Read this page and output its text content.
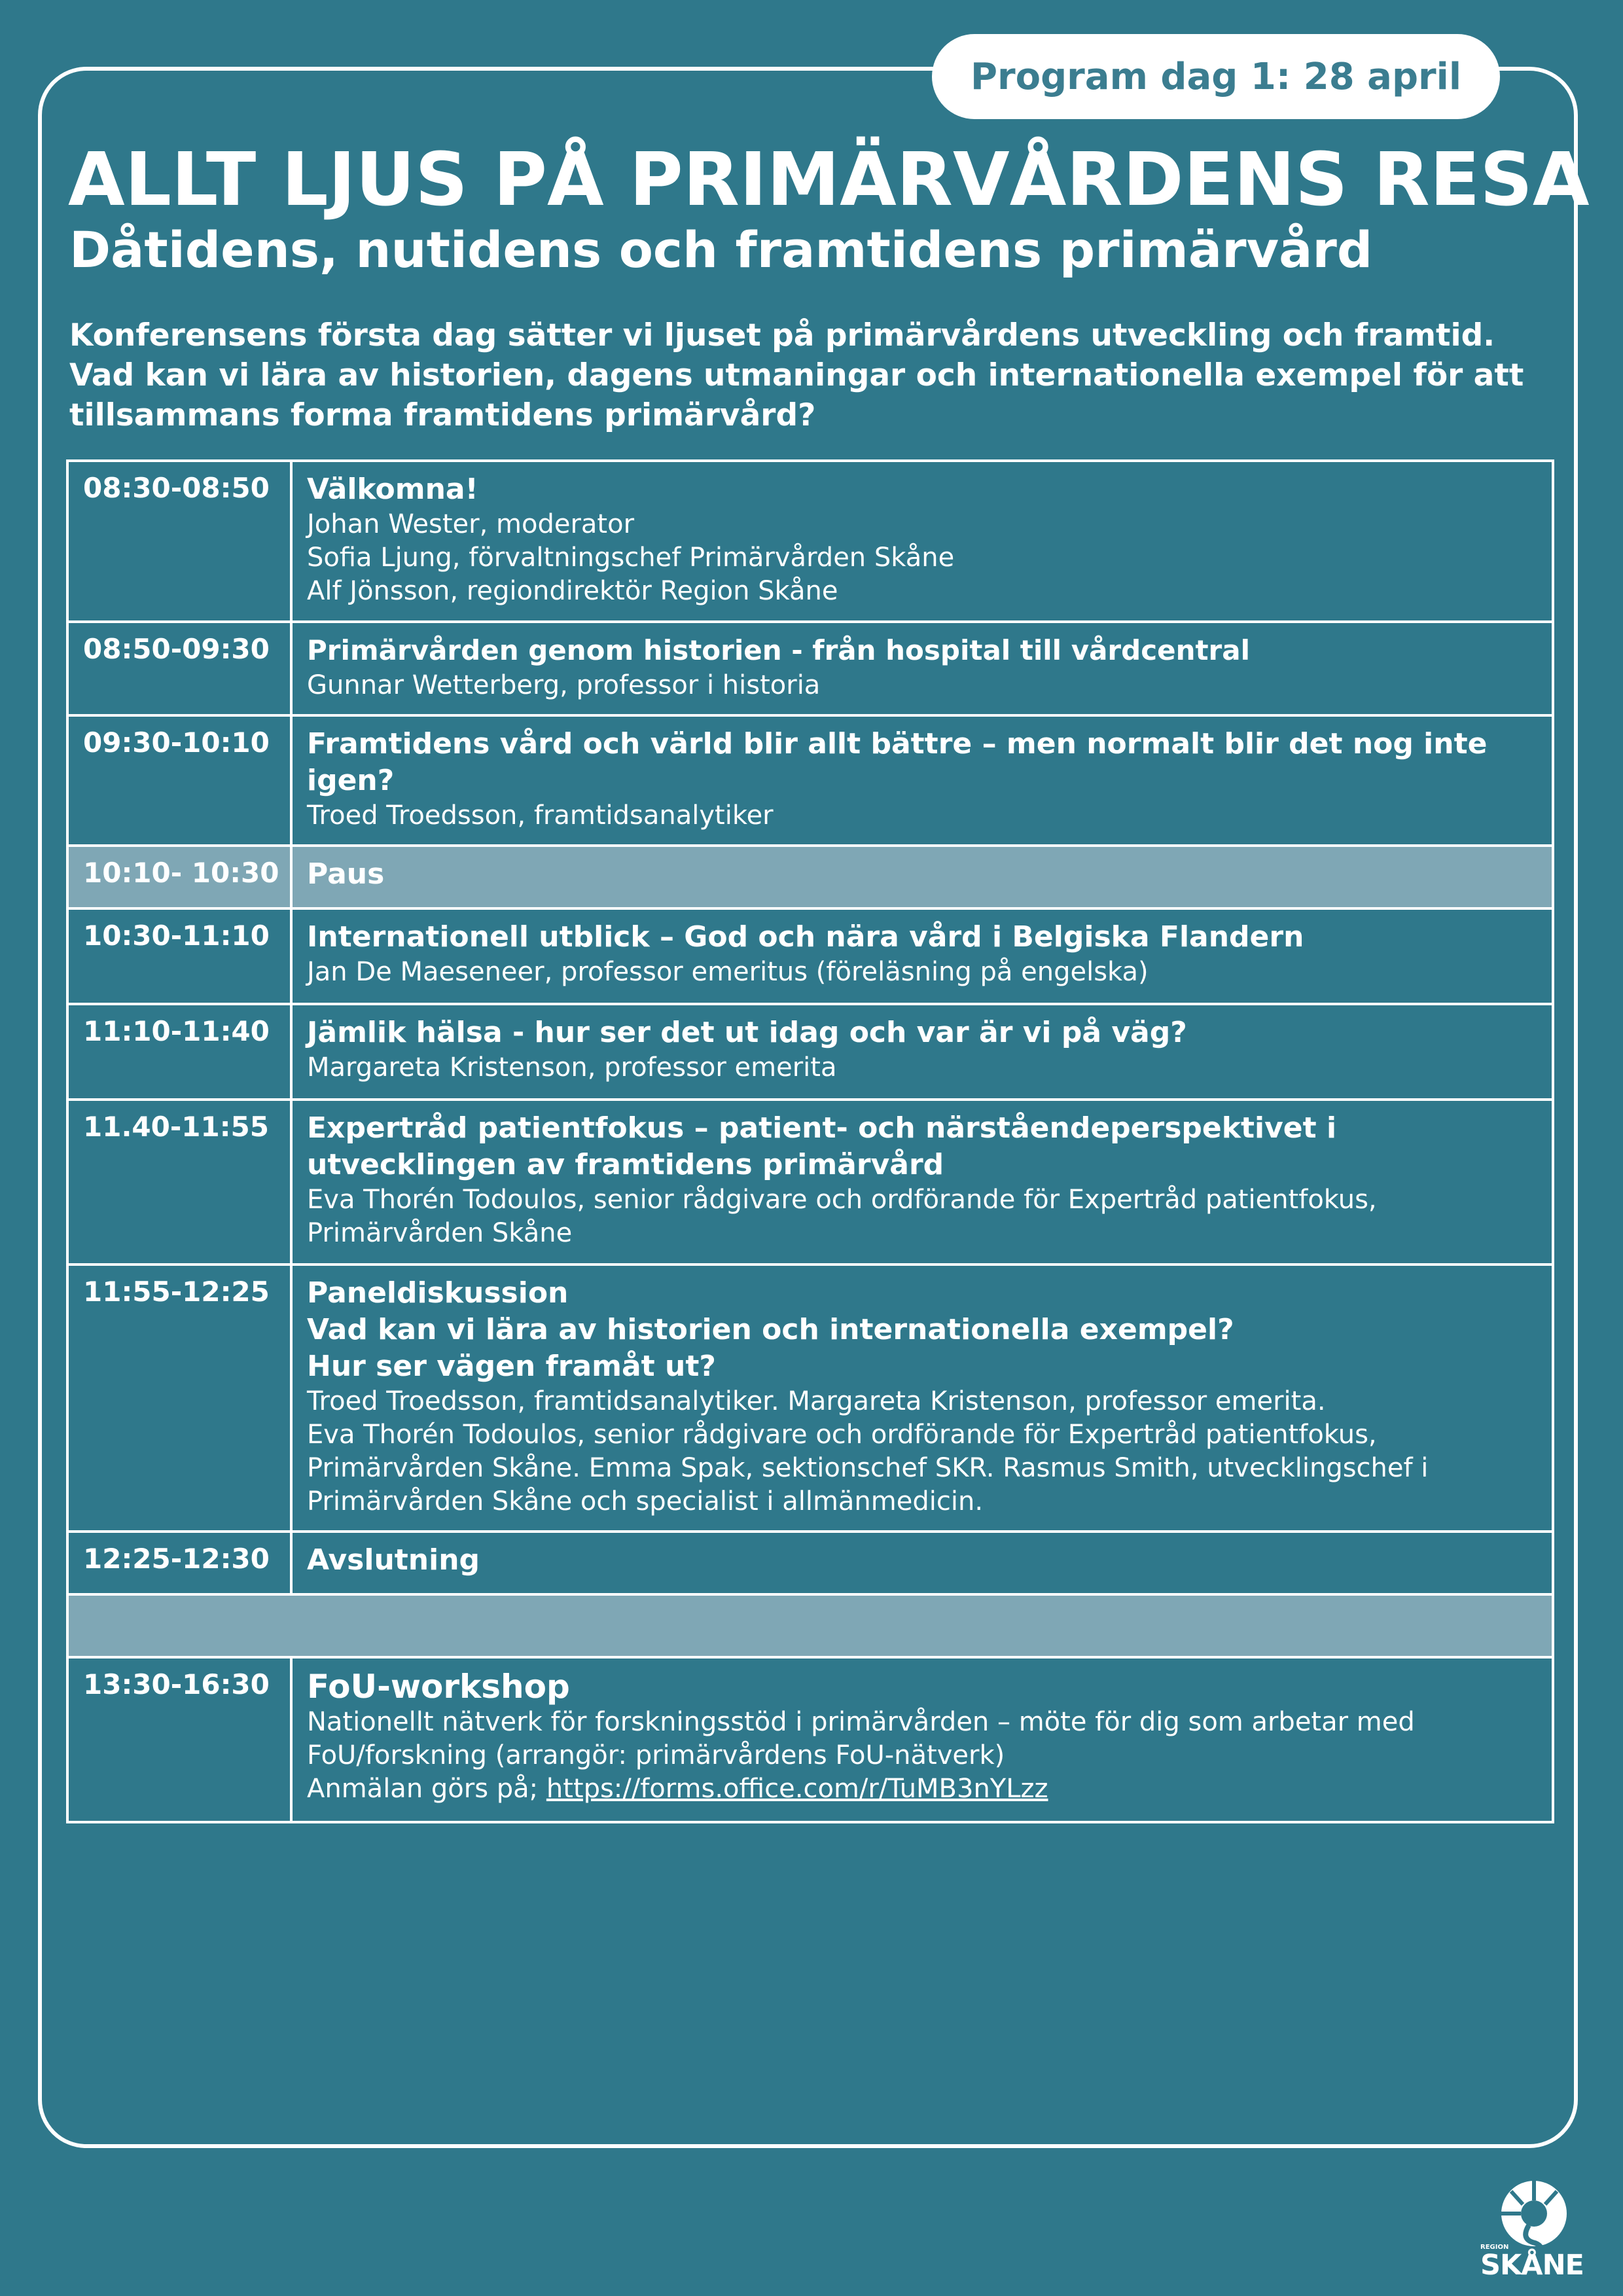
Program dag 1: 28 april
ALLT LJUS PÅ PRIMÄRVÅRDENS RESA
Dåtidens, nutidens och framtidens primärvård
Konferensens första dag sätter vi ljuset på primärvårdens utveckling och framtid. Vad kan vi lära av historien, dagens utmaningar och internationella exempel för att tillsammans forma framtidens primärvård?
08:30-08:50	Välkomna!
Johan Wester, moderator
Sofia Ljung, förvaltningschef Primärvården Skåne
Alf Jönsson, regiondirektör Region Skåne

08:50-09:30	Primärvården genom historien - från hospital till vårdcentral
Gunnar Wetterberg, professor i historia

09:30-10:10	Framtidens vård och värld blir allt bättre – men normalt blir det nog inte igen?
Troed Troedsson, framtidsanalytiker

10:10- 10:30	Paus

10:30-11:10	Internationell utblick – God och nära vård i Belgiska Flandern
Jan De Maeseneer, professor emeritus (föreläsning på engelska)

11:10-11:40	Jämlik hälsa - hur ser det ut idag och var är vi på väg?
Margareta Kristenson, professor emerita

11.40-11:55	Expertråd patientfokus – patient- och närståendeperspektivet i utvecklingen av framtidens primärvård
Eva Thorén Todoulos, senior rådgivare och ordförande för Expertråd patientfokus, Primärvården Skåne

11:55-12:25	Paneldiskussion
Vad kan vi lära av historien och internationella exempel?
Hur ser vägen framåt ut?
Troed Troedsson, framtidsanalytiker. Margareta Kristenson, professor emerita.
Eva Thorén Todoulos, senior rådgivare och ordförande för Expertråd patientfokus, Primärvården Skåne. Emma Spak, sektionschef SKR. Rasmus Smith, utvecklingschef i Primärvården Skåne och specialist i allmänmedicin.

12:25-12:30	Avslutning

13:30-16:30	FoU-workshop
Nationellt nätverk för forskningsstöd i primärvården – möte för dig som arbetar med FoU/forskning (arrangör: primärvårdens FoU-nätverk)
Anmälan görs på; https://forms.office.com/r/TuMB3nYLzz
REGION
SKÅNE
